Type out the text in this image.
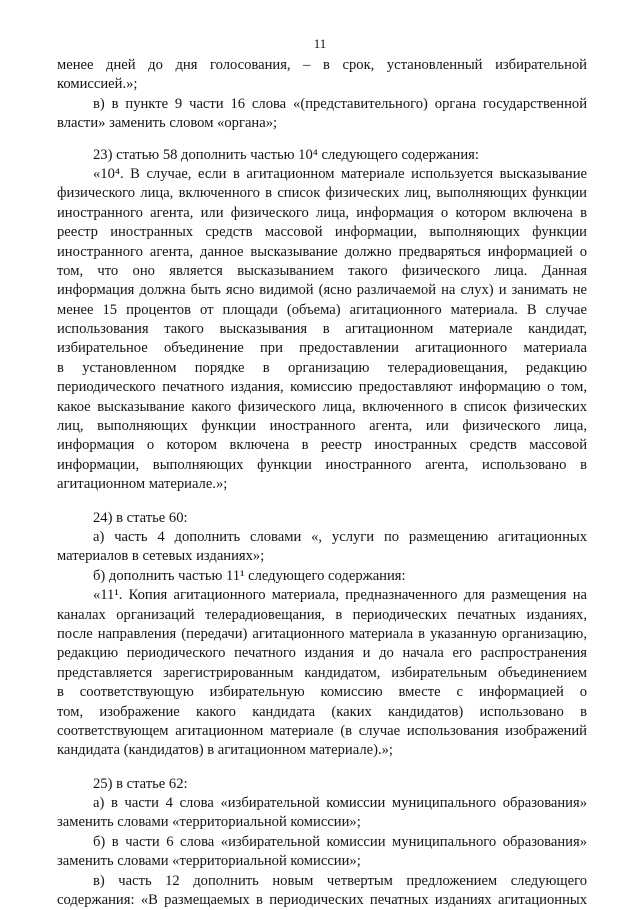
11
менее дней до дня голосования, – в срок, установленный избирательной
комиссией.»;
в) в пункте 9 части 16 слова «(представительного) органа государственной
власти» заменить словом «органа»;
23) статью 58 дополнить частью 10⁴ следующего содержания:
«10⁴. В случае, если в агитационном материале используется высказывание
физического лица, включенного в список физических лиц, выполняющих функции
иностранного агента, или физического лица, информация о котором включена в
реестр иностранных средств массовой информации, выполняющих функции
иностранного агента, данное высказывание должно предваряться информацией о
том, что оно является высказыванием такого физического лица. Данная
информация должна быть ясно видимой (ясно различаемой на слух) и занимать не
менее 15 процентов от площади (объема) агитационного материала. В случае
использования такого высказывания в агитационном материале кандидат,
избирательное объединение при предоставлении агитационного материала
в установленном порядке в организацию телерадиовещания, редакцию
периодического печатного издания, комиссию предоставляют информацию о том,
какое высказывание какого физического лица, включенного в список физических
лиц, выполняющих функции иностранного агента, или физического лица,
информация о котором включена в реестр иностранных средств массовой
информации, выполняющих функции иностранного агента, использовано в
агитационном материале.»;
24) в статье 60:
а) часть 4 дополнить словами «, услуги по размещению агитационных
материалов в сетевых изданиях»;
б) дополнить частью 11¹ следующего содержания:
«11¹. Копия агитационного материала, предназначенного для размещения на
каналах организаций телерадиовещания, в периодических печатных изданиях,
после направления (передачи) агитационного материала в указанную организацию,
редакцию периодического печатного издания и до начала его распространения
представляется зарегистрированным кандидатом, избирательным объединением
в соответствующую избирательную комиссию вместе с информацией о
том, изображение какого кандидата (каких кандидатов) использовано в
соответствующем агитационном материале (в случае использования изображений
кандидата (кандидатов) в агитационном материале).»;
25) в статье 62:
а) в части 4 слова «избирательной комиссии муниципального образования»
заменить словами «территориальной комиссии»;
б) в части 6 слова «избирательной комиссии муниципального образования»
заменить словами «территориальной комиссии»;
в) часть 12 дополнить новым четвертым предложением следующего
содержания: «В размещаемых в периодических печатных изданиях агитационных
